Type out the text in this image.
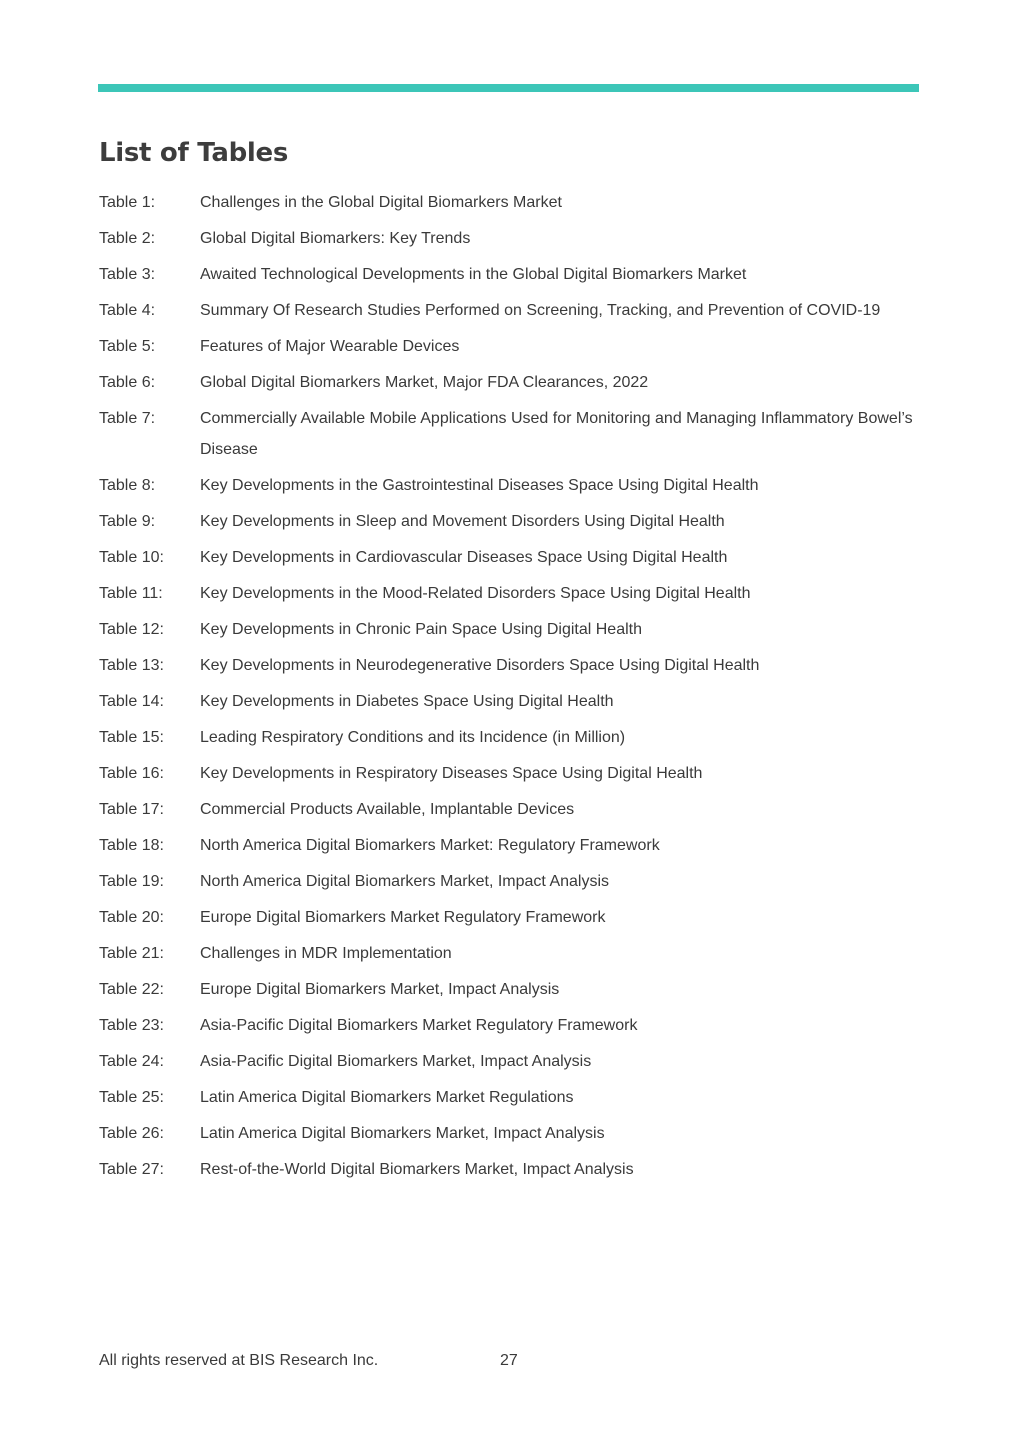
List of Tables
Table 1:	Challenges in the Global Digital Biomarkers Market
Table 2:	Global Digital Biomarkers: Key Trends
Table 3:	Awaited Technological Developments in the Global Digital Biomarkers Market
Table 4:	Summary Of Research Studies Performed on Screening, Tracking, and Prevention of COVID-19
Table 5:	Features of Major Wearable Devices
Table 6:	Global Digital Biomarkers Market, Major FDA Clearances, 2022
Table 7:	Commercially Available Mobile Applications Used for Monitoring and Managing Inflammatory Bowel’s Disease
Table 8:	Key Developments in the Gastrointestinal Diseases Space Using Digital Health
Table 9:	Key Developments in Sleep and Movement Disorders Using Digital Health
Table 10:	Key Developments in Cardiovascular Diseases Space Using Digital Health
Table 11:	Key Developments in the Mood-Related Disorders Space Using Digital Health
Table 12:	Key Developments in Chronic Pain Space Using Digital Health
Table 13:	Key Developments in Neurodegenerative Disorders Space Using Digital Health
Table 14:	Key Developments in Diabetes Space Using Digital Health
Table 15:	Leading Respiratory Conditions and its Incidence (in Million)
Table 16:	Key Developments in Respiratory Diseases Space Using Digital Health
Table 17:	Commercial Products Available, Implantable Devices
Table 18:	North America Digital Biomarkers Market: Regulatory Framework
Table 19:	North America Digital Biomarkers Market, Impact Analysis
Table 20:	Europe Digital Biomarkers Market Regulatory Framework
Table 21:	Challenges in MDR Implementation
Table 22:	Europe Digital Biomarkers Market, Impact Analysis
Table 23:	Asia-Pacific Digital Biomarkers Market Regulatory Framework
Table 24:	Asia-Pacific Digital Biomarkers Market, Impact Analysis
Table 25:	Latin America Digital Biomarkers Market Regulations
Table 26:	Latin America Digital Biomarkers Market, Impact Analysis
Table 27:	Rest-of-the-World Digital Biomarkers Market, Impact Analysis
All rights reserved at BIS Research Inc.	27
